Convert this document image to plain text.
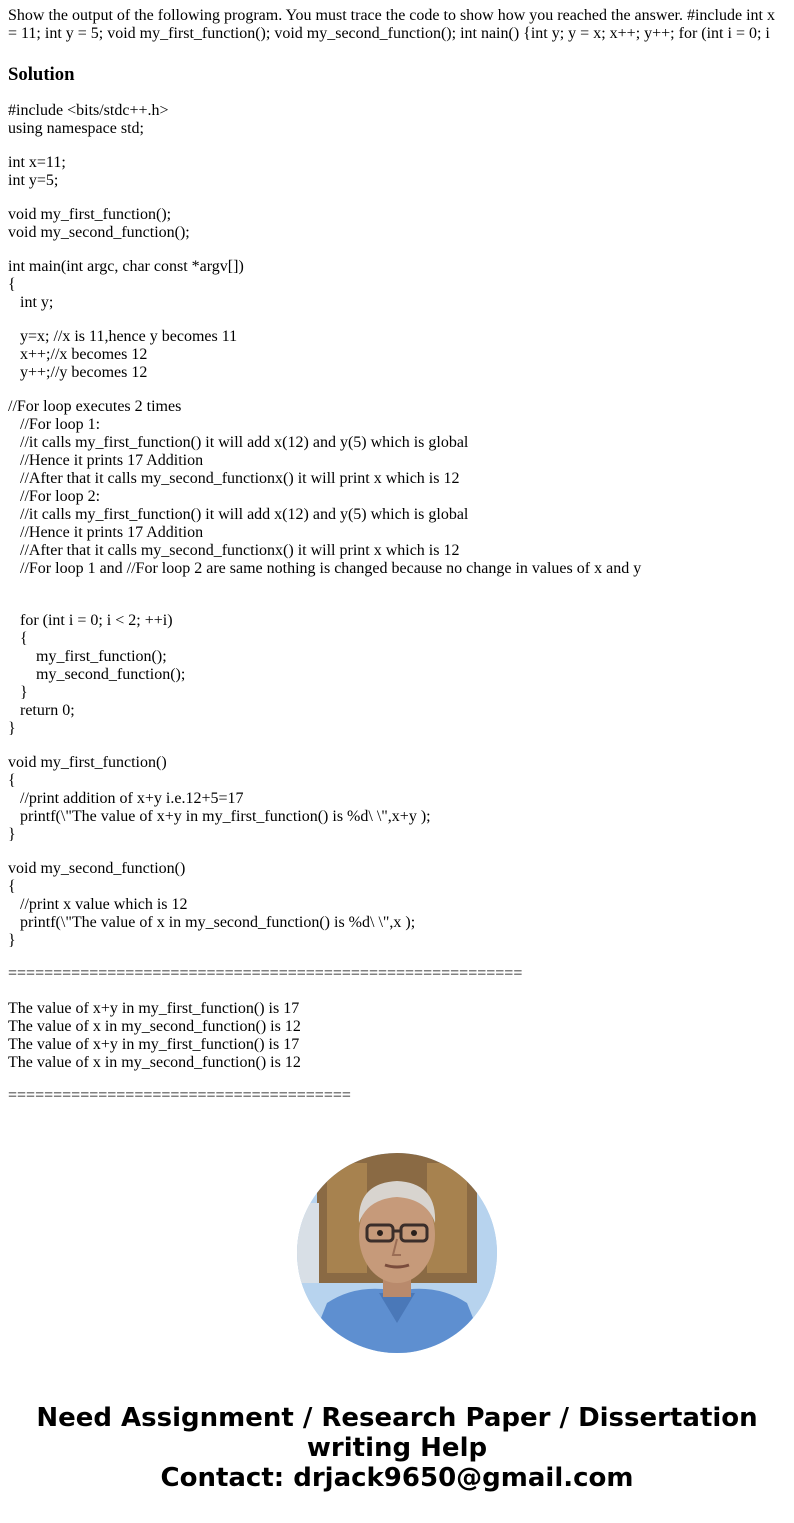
Show the output of the following program. You must trace the code to show how you reached the answer. #include int x = 11; int y = 5; void my_first_function(); void my_second_function(); int nain() {int y; y = x; x++; y++; for (int i = 0; i

Solution
#include <bits/stdc++.h>
using namespace std;
int x=11;
int y=5;
void my_first_function();
void my_second_function();
int main(int argc, char const *argv[])
{
int y;
y=x; //x is 11,hence y becomes 11
x++;//x becomes 12
y++;//y becomes 12
//For loop executes 2 times
//For loop 1:
//it calls my_first_function() it will add x(12) and y(5) which is global
//Hence it prints 17 Addition
//After that it calls my_second_functionx() it will print x which is 12
//For loop 2:
//it calls my_first_function() it will add x(12) and y(5) which is global
//Hence it prints 17 Addition
//After that it calls my_second_functionx() it will print x which is 12
//For loop 1 and //For loop 2 are same nothing is changed because no change in values of x and y
for (int i = 0; i < 2; ++i)
{
my_first_function();
my_second_function();
}
return 0;
}
void my_first_function()
{
//print addition of x+y i.e.12+5=17
printf(\"The value of x+y in my_first_function() is %d\ \",x+y );
}
void my_second_function()
{
//print x value which is 12
printf(\"The value of x in my_second_function() is %d\ \",x );
}
=========================================================
The value of x+y in my_first_function() is 17
The value of x in my_second_function() is 12
The value of x+y in my_first_function() is 17
The value of x in my_second_function() is 12
======================================
Need Assignment / Research Paper / Dissertation
writing Help
Contact: drjack9650@gmail.com
